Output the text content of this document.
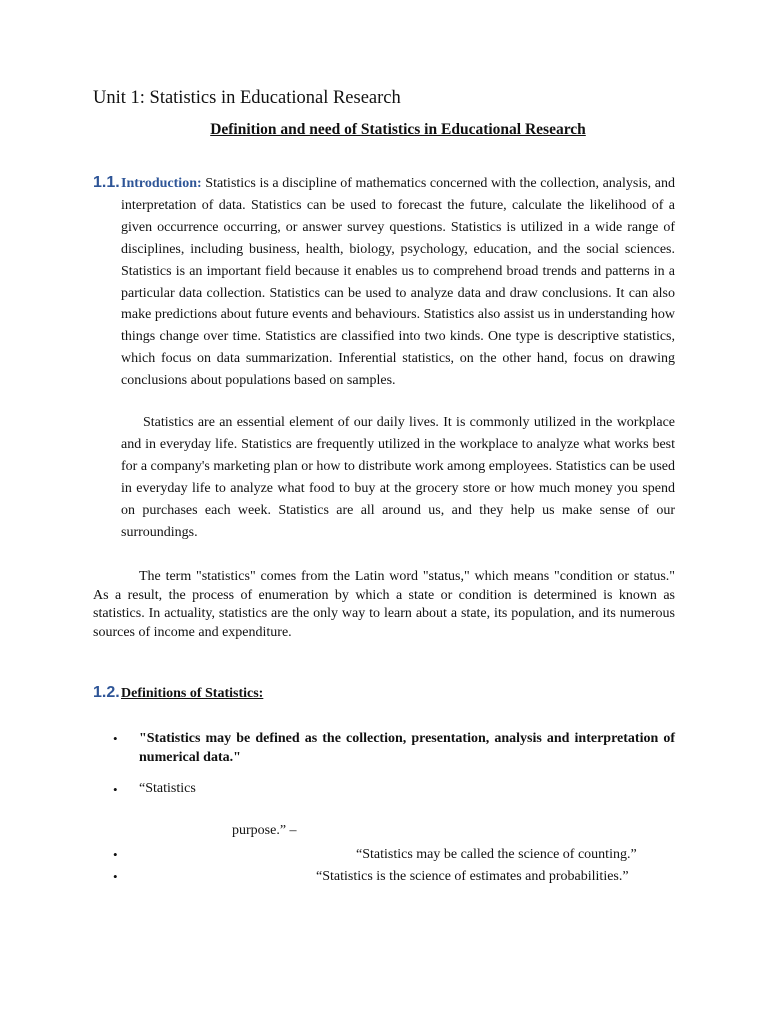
Unit 1: Statistics in Educational Research
Definition and need of Statistics in Educational Research
1.1. Introduction: Statistics is a discipline of mathematics concerned with the collection, analysis, and interpretation of data. Statistics can be used to forecast the future, calculate the likelihood of a given occurrence occurring, or answer survey questions. Statistics is utilized in a wide range of disciplines, including business, health, biology, psychology, education, and the social sciences. Statistics is an important field because it enables us to comprehend broad trends and patterns in a particular data collection. Statistics can be used to analyze data and draw conclusions. It can also make predictions about future events and behaviours. Statistics also assist us in understanding how things change over time. Statistics are classified into two kinds. One type is descriptive statistics, which focus on data summarization. Inferential statistics, on the other hand, focus on drawing conclusions about populations based on samples.
Statistics are an essential element of our daily lives. It is commonly utilized in the workplace and in everyday life. Statistics are frequently utilized in the workplace to analyze what works best for a company's marketing plan or how to distribute work among employees. Statistics can be used in everyday life to analyze what food to buy at the grocery store or how much money you spend on purchases each week. Statistics are all around us, and they help us make sense of our surroundings.
The term "statistics" comes from the Latin word "status," which means "condition or status." As a result, the process of enumeration by which a state or condition is determined is known as statistics. In actuality, statistics are the only way to learn about a state, its population, and its numerous sources of income and expenditure.
1.2. Definitions of Statistics:
•	"Statistics may be defined as the collection, presentation, analysis and interpretation of numerical data."
•	“Statistics
purpose.” –
•	“Statistics may be called the science of counting.”
•	“Statistics is the science of estimates and probabilities.”
